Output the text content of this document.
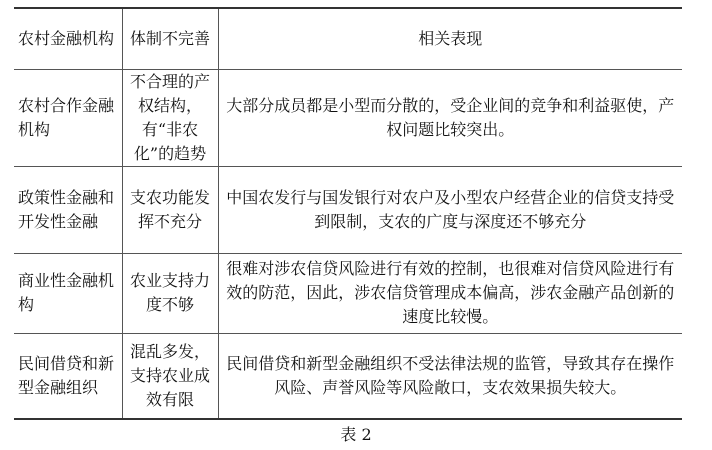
农村金融机构	体制不完善	相关表现
农村合作金融机构	不合理的产权结构，有“非农化”的趋势	大部分成员都是小型而分散的，受企业间的竞争和利益驱使，产权问题比较突出。
政策性金融和开发性金融	支农功能发挥不充分	中国农发行与国发银行对农户及小型农户经营企业的信贷支持受到限制，支农的广度与深度还不够充分
商业性金融机构	农业支持力度不够	很难对涉农信贷风险进行有效的控制，也很难对信贷风险进行有效的防范，因此，涉农信贷管理成本偏高，涉农金融产品创新的速度比较慢。
民间借贷和新型金融组织	混乱多发，支持农业成效有限	民间借贷和新型金融组织不受法律法规的监管，导致其存在操作风险、声誉风险等风险敞口，支农效果损失较大。
表 2
